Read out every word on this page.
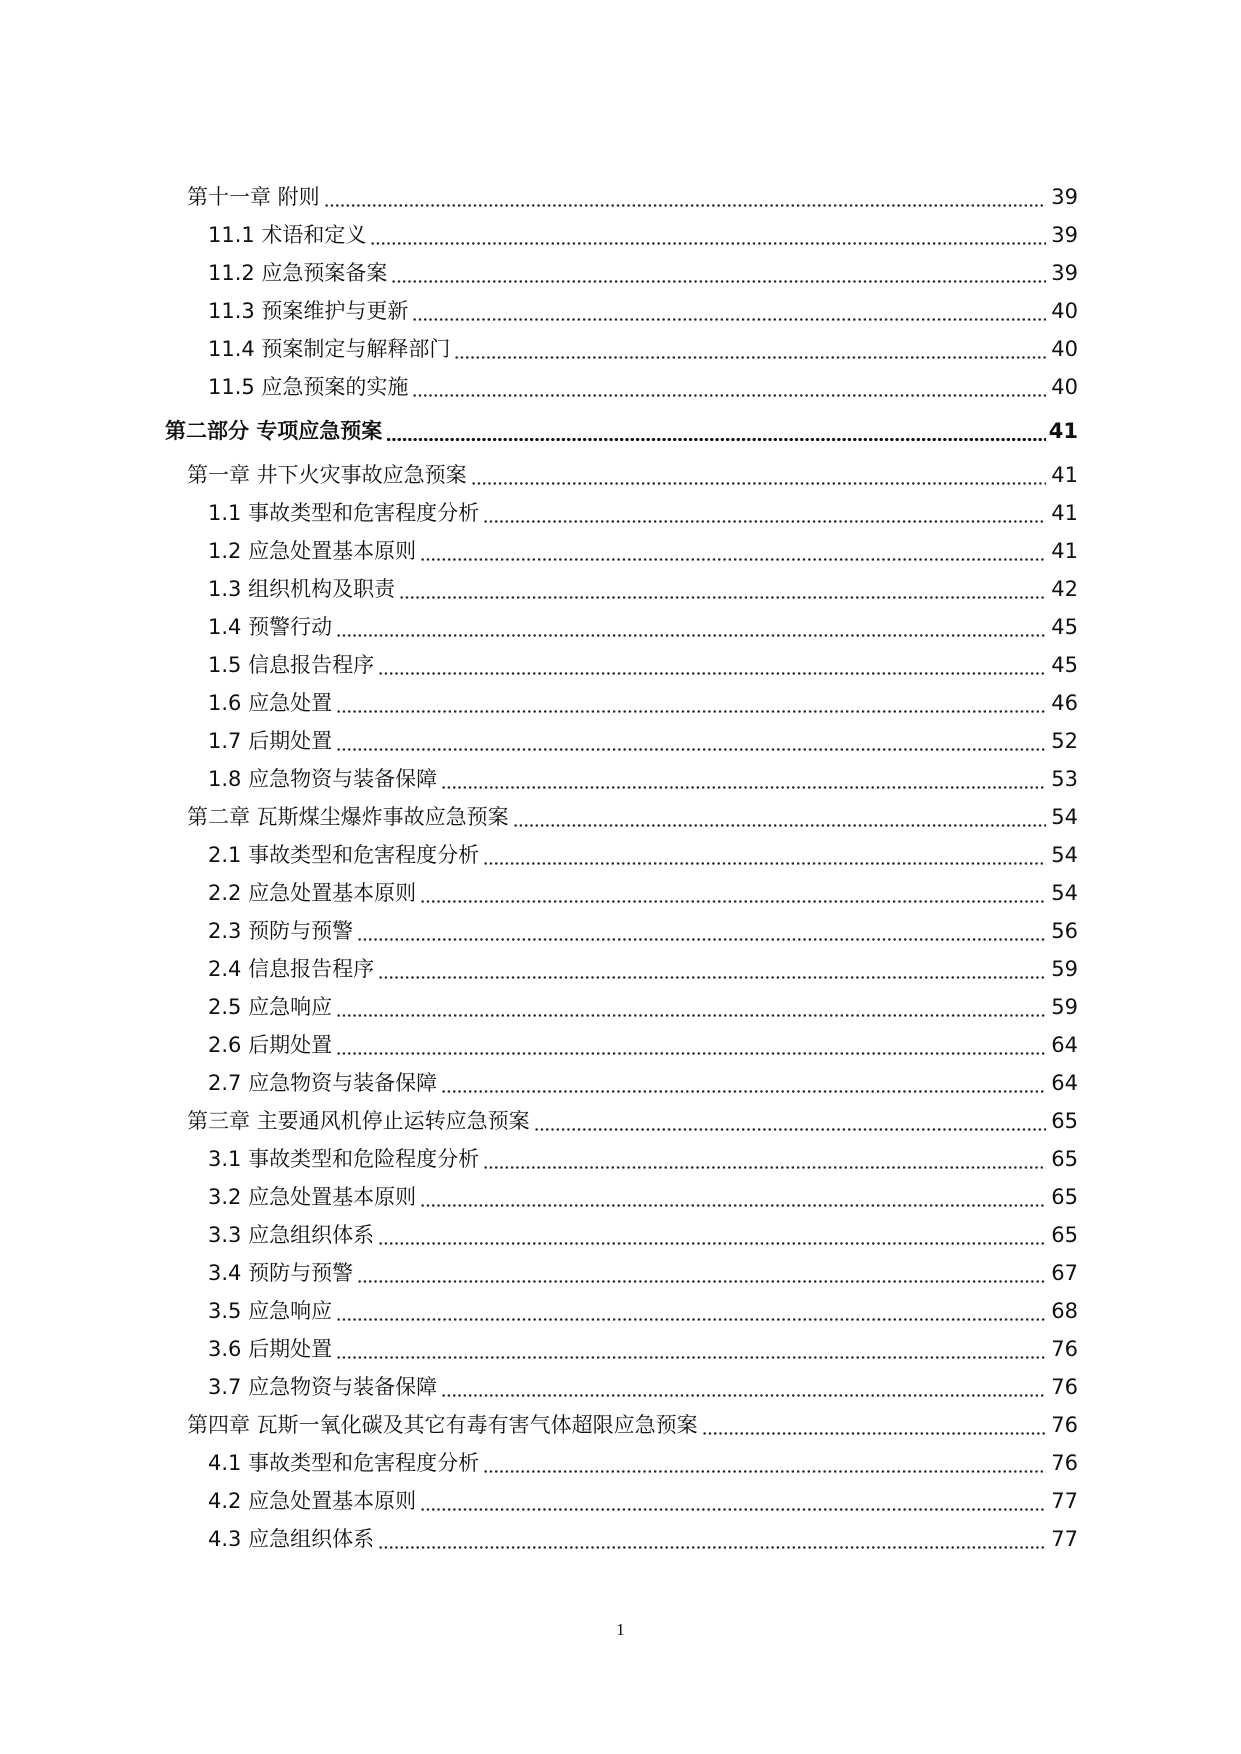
第十一章 附则	39
11.1 术语和定义	39
11.2 应急预案备案	39
11.3 预案维护与更新	40
11.4 预案制定与解释部门	40
11.5 应急预案的实施	40
第二部分 专项应急预案	41
第一章 井下火灾事故应急预案	41
1.1 事故类型和危害程度分析	41
1.2 应急处置基本原则	41
1.3 组织机构及职责	42
1.4 预警行动	45
1.5 信息报告程序	45
1.6 应急处置	46
1.7 后期处置	52
1.8 应急物资与装备保障	53
第二章 瓦斯煤尘爆炸事故应急预案	54
2.1 事故类型和危害程度分析	54
2.2 应急处置基本原则	54
2.3 预防与预警	56
2.4 信息报告程序	59
2.5 应急响应	59
2.6 后期处置	64
2.7 应急物资与装备保障	64
第三章 主要通风机停止运转应急预案	65
3.1 事故类型和危险程度分析	65
3.2 应急处置基本原则	65
3.3 应急组织体系	65
3.4 预防与预警	67
3.5 应急响应	68
3.6 后期处置	76
3.7 应急物资与装备保障	76
第四章 瓦斯一氧化碳及其它有毒有害气体超限应急预案	76
4.1 事故类型和危害程度分析	76
4.2 应急处置基本原则	77
4.3 应急组织体系	77
1
